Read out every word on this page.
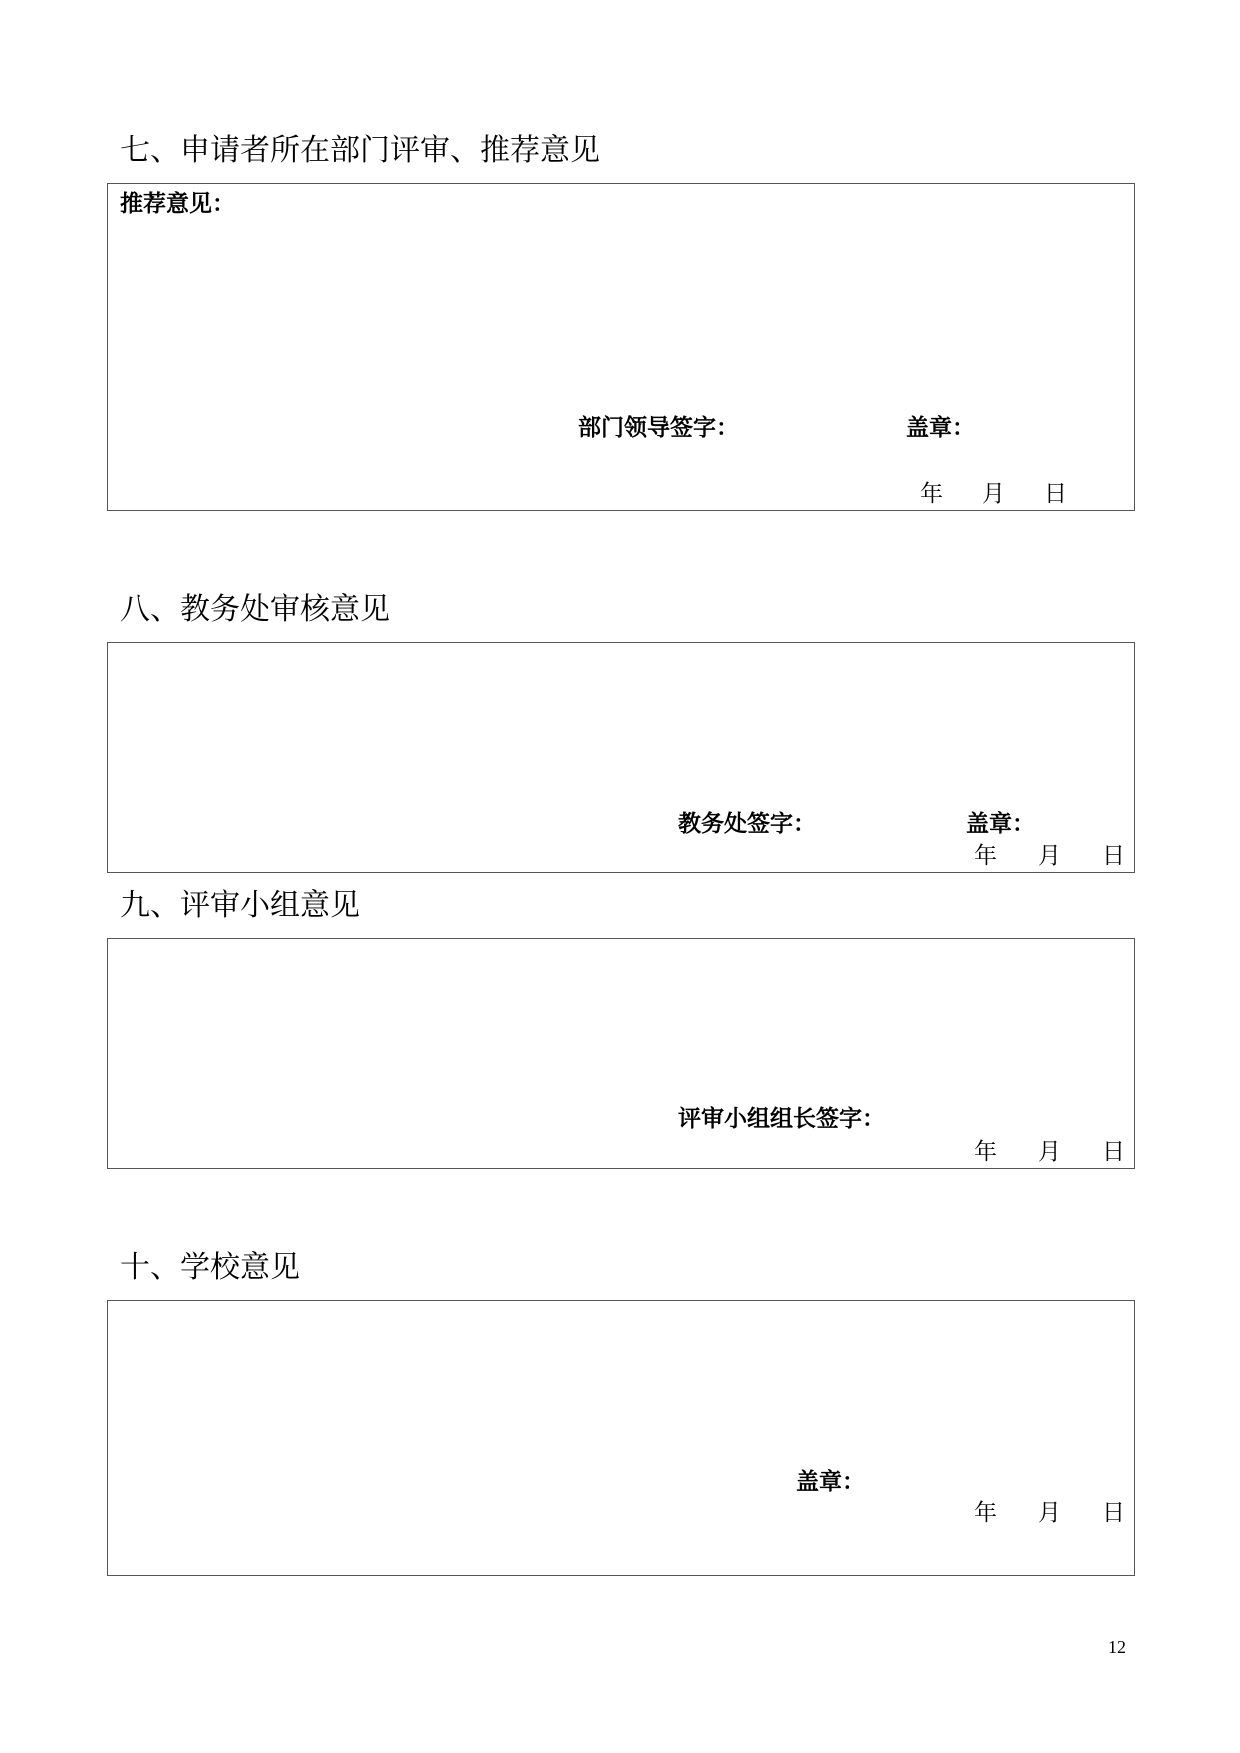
七、申请者所在部门评审、推荐意见
推荐意见：
部门领导签字：	盖章：
年 月 日
八、教务处审核意见
教务处签字：	盖章：
年 月 日
九、评审小组意见
评审小组组长签字：
年 月 日
十、学校意见
盖章：
年 月 日
12
